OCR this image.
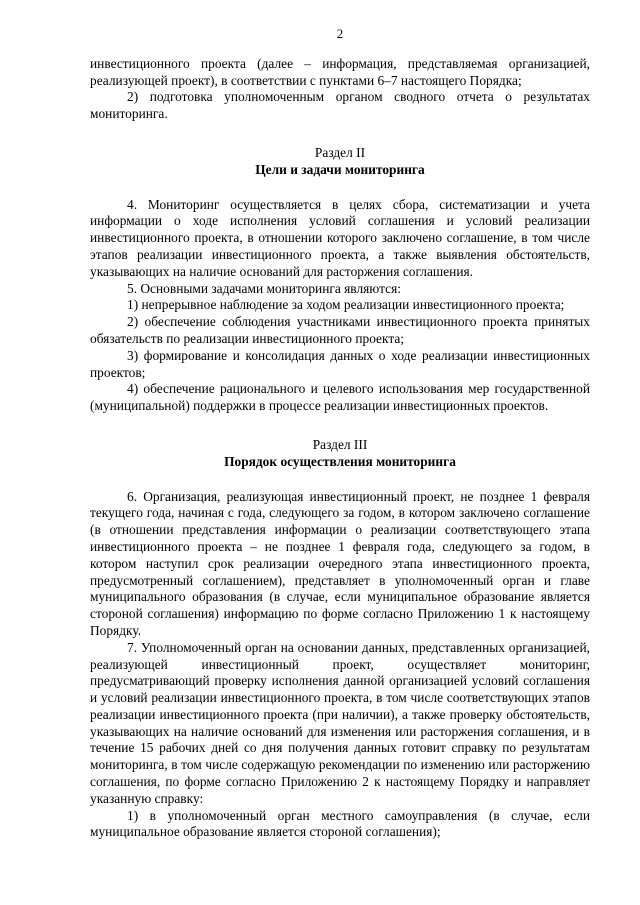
2

инвестиционного проекта (далее – информация, представляемая организацией, реализующей проект), в соответствии с пунктами 6–7 настоящего Порядка;

2) подготовка уполномоченным органом сводного отчета о результатах мониторинга.

Раздел II
Цели и задачи мониторинга

4. Мониторинг осуществляется в целях сбора, систематизации и учета информации о ходе исполнения условий соглашения и условий реализации инвестиционного проекта, в отношении которого заключено соглашение, в том числе этапов реализации инвестиционного проекта, а также выявления обстоятельств, указывающих на наличие оснований для расторжения соглашения.

5. Основными задачами мониторинга являются:

1) непрерывное наблюдение за ходом реализации инвестиционного проекта;

2) обеспечение соблюдения участниками инвестиционного проекта принятых обязательств по реализации инвестиционного проекта;

3) формирование и консолидация данных о ходе реализации инвестиционных проектов;

4) обеспечение рационального и целевого использования мер государственной (муниципальной) поддержки в процессе реализации инвестиционных проектов.

Раздел III
Порядок осуществления мониторинга

6. Организация, реализующая инвестиционный проект, не позднее 1 февраля текущего года, начиная с года, следующего за годом, в котором заключено соглашение (в отношении представления информации о реализации соответствующего этапа инвестиционного проекта – не позднее 1 февраля года, следующего за годом, в котором наступил срок реализации очередного этапа инвестиционного проекта, предусмотренный соглашением), представляет в уполномоченный орган и главе муниципального образования (в случае, если муниципальное образование является стороной соглашения) информацию по форме согласно Приложению 1 к настоящему Порядку.

7. Уполномоченный орган на основании данных, представленных организацией, реализующей инвестиционный проект, осуществляет мониторинг, предусматривающий проверку исполнения данной организацией условий соглашения и условий реализации инвестиционного проекта, в том числе соответствующих этапов реализации инвестиционного проекта (при наличии), а также проверку обстоятельств, указывающих на наличие оснований для изменения или расторжения соглашения, и в течение 15 рабочих дней со дня получения данных готовит справку по результатам мониторинга, в том числе содержащую рекомендации по изменению или расторжению соглашения, по форме согласно Приложению 2 к настоящему Порядку и направляет указанную справку:

1) в уполномоченный орган местного самоуправления (в случае, если муниципальное образование является стороной соглашения);
